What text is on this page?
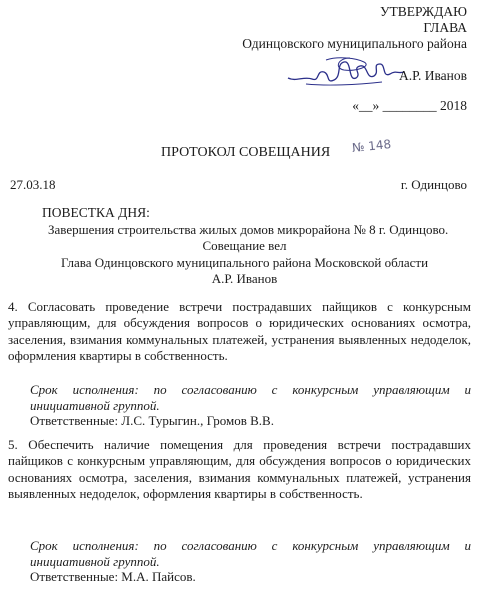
УТВЕРЖДАЮ
ГЛАВА
Одинцовского муниципального района
А.Р. Иванов
«__» ________ 2018
ПРОТОКОЛ СОВЕЩАНИЯ № 148
27.03.18	г. Одинцово
ПОВЕСТКА ДНЯ:
Завершения строительства жилых домов микрорайона № 8 г. Одинцово.
Совещание вел
Глава Одинцовского муниципального района Московской области
А.Р. Иванов
4. Согласовать проведение встречи пострадавших пайщиков с конкурсным управляющим, для обсуждения вопросов о юридических основаниях осмотра, заселения, взимания коммунальных платежей, устранения выявленных недоделок, оформления квартиры в собственность.
Срок исполнения: по согласованию с конкурсным управляющим и инициативной группой.
Ответственные: Л.С. Турыгин., Громов В.В.
5. Обеспечить наличие помещения для проведения встречи пострадавших пайщиков с конкурсным управляющим, для обсуждения вопросов о юридических основаниях осмотра, заселения, взимания коммунальных платежей, устранения выявленных недоделок, оформления квартиры в собственность.
Срок исполнения: по согласованию с конкурсным управляющим и инициативной группой.
Ответственные: М.А. Пайсов.
